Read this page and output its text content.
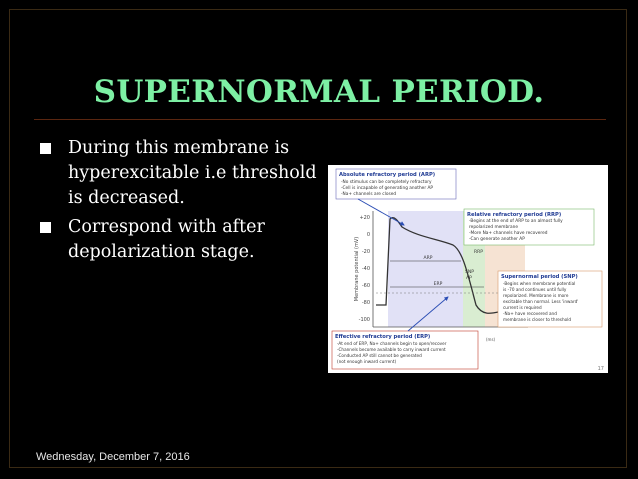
SUPERNORMAL PERIOD.
During this membrane is hyperexcitable i.e threshold is decreased.
Correspond with after depolarization stage.	Membrane potential (mV)
+20
0
-20
-40
-60
-80
-100
ARP
ERP
RRP
SNP
AP
(ms)
Absolute refractory period (ARP)
-No stimulus can be completely refractory
-Cell is incapable of generating another AP
-Na+ channels are closed
Relative refractory period (RRP)
-Begins at the end of ARP to an almost fully
repolarized membrane
-More Na+ channels have recovered
-Can generate another AP
Supernormal period (SNP)
-Begins when membrane potential
is -70 and continues until fully
repolarized. Membrane is more
excitable than normal. Less 'inward'
current is required
-Na+ have recovered and
membrane is closer to threshold
Effective refractory period (ERP)
-At end of ERP, Na+ channels begin to open/recover
-Channels become available to carry inward current
-Conducted AP still cannot be generated
(not enough inward current)
17
Wednesday, December 7, 2016
